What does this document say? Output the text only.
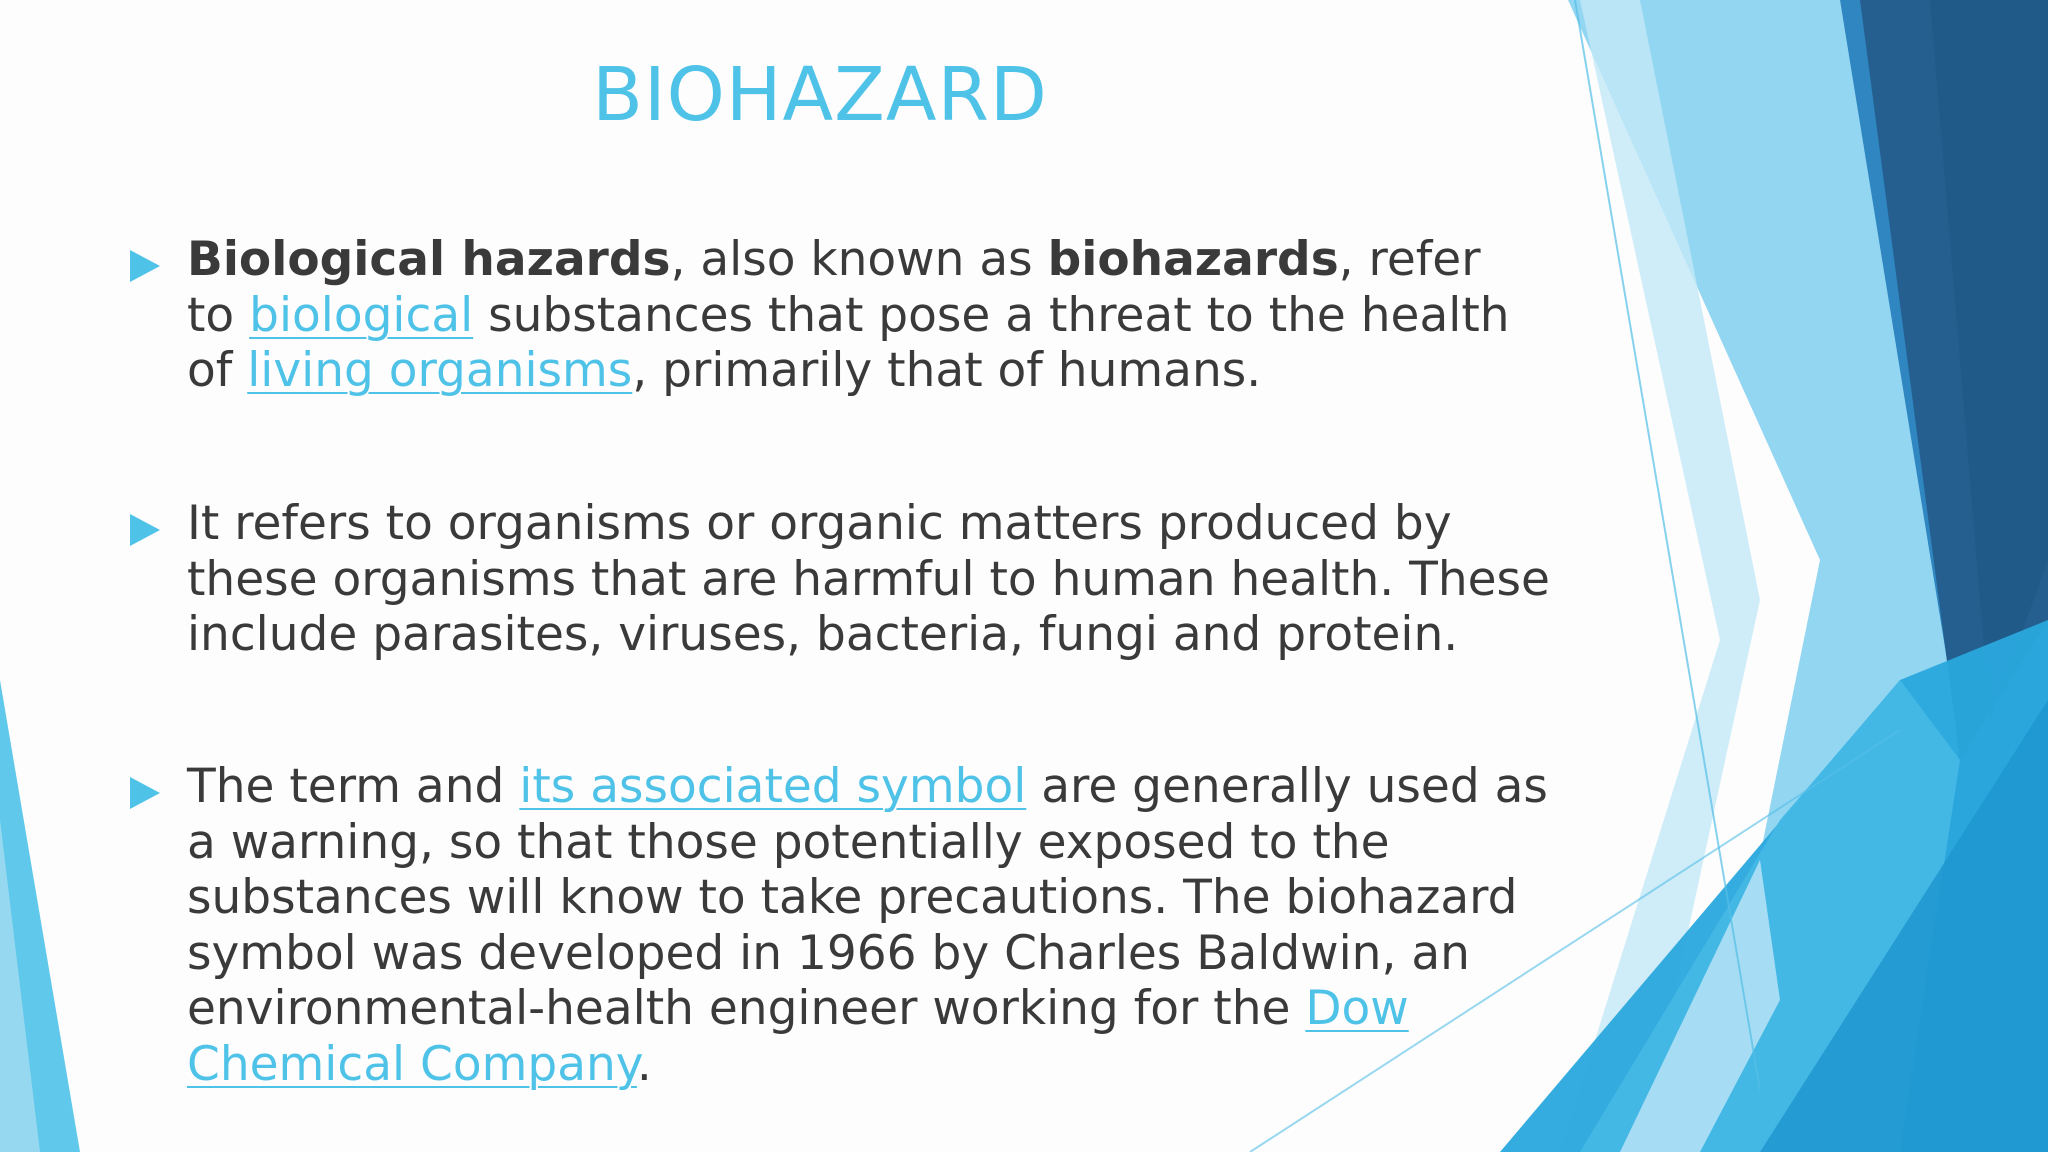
BIOHAZARD
Biological hazards, also known as biohazards, refer
to biological substances that pose a threat to the health
of living organisms, primarily that of humans.
It refers to organisms or organic matters produced by
these organisms that are harmful to human health. These
include parasites, viruses, bacteria, fungi and protein.
The term and its associated symbol are generally used as
a warning, so that those potentially exposed to the
substances will know to take precautions. The biohazard
symbol was developed in 1966 by Charles Baldwin, an
environmental-health engineer working for the Dow
Chemical Company.
